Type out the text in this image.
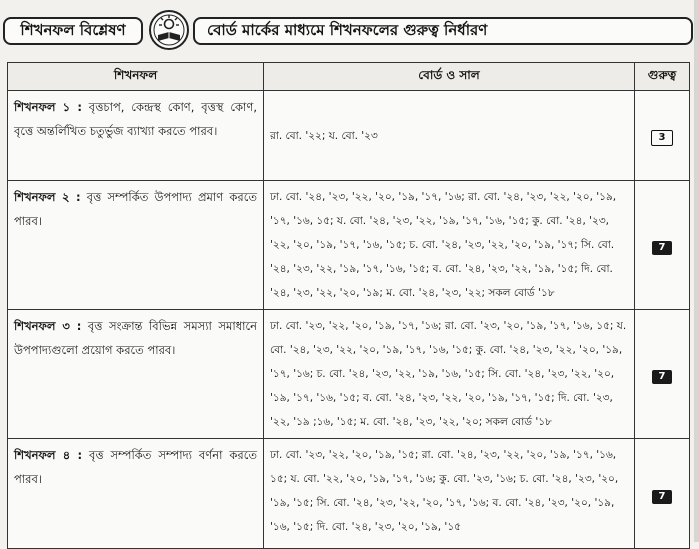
শিখনফল বিশ্লেষণ	বোর্ড মার্কের মাধ্যমে শিখনফলের গুরুত্ব নির্ধারণ
শিখনফল	বোর্ড ও সাল	গুরুত্ব
শিখনফল ১ : বৃত্তচাপ, কেন্দ্রস্থ কোণ, বৃত্তস্থ কোণ, বৃত্তে অন্তর্লিখিত চতুর্ভুজ ব্যাখ্যা করতে পারব।	রা. বো. '২২; য. বো. '২৩	3
শিখনফল ২ : বৃত্ত সম্পর্কিত উপপাদ্য প্রমাণ করতে পারব।	ঢা. বো. '২৪, '২৩, '২২, '২০, '১৯, '১৭, '১৬; রা. বো. '২৪, '২৩, '২২, '২০, '১৯, '১৭, '১৬, ১৫; য. বো. '২৪, '২৩, '২২, '১৯, '১৭, '১৬, '১৫; কু. বো. '২৪, '২৩, '২২, '২০, '১৯, '১৭, '১৬, '১৫; চ. বো. '২৪, '২৩, '২২, '২০, '১৯, '১৭; সি. বো. '২৪, '২৩, '২২, '১৯, '১৭, '১৬, '১৫; ব. বো. '২৪, '২৩, '২২, '১৯, '১৫; দি. বো. '২৪, '২৩, '২২, '২০, '১৯; ম. বো. '২৪, '২৩, '২২; সকল বোর্ড '১৮	7
শিখনফল ৩ : বৃত্ত সংক্রান্ত বিভিন্ন সমস্যা সমাধানে উপপাদ্যগুলো প্রয়োগ করতে পারব।	ঢা. বো. '২৩, '২২, '২০, '১৯, '১৭, '১৬; রা. বো. '২৩, '২০, '১৯, '১৭, '১৬, ১৫; য. বো. '২৪, '২৩, '২২, '২০, '১৯, '১৭, '১৬, '১৫; কু. বো. '২৪, '২৩, '২২, '২০, '১৯, '১৭, '১৬; চ. বো. '২৪, '২৩, '২২, '১৯, '১৬, '১৫; সি. বো. '২৪, '২৩, '২২, '২০, '১৯, '১৭, '১৬, '১৫; ব. বো. '২৪, '২৩, '২২, '২০, '১৯, '১৭, '১৫; দি. বো. '২৩, '২২, '১৯ ;১৬, '১৫; ম. বো. '২৪, '২৩, '২২, '২০; সকল বোর্ড '১৮	7
শিখনফল ৪ : বৃত্ত সম্পর্কিত সম্পাদ্য বর্ণনা করতে পারব।	ঢা. বো. '২৩, '২২, '২০, '১৯, '১৫; রা. বো. '২৪, '২৩, '২২, '২০, '১৯, '১৭, '১৬, ১৫; য. বো. '২২, '২০, '১৯, '১৭, '১৬; কু. বো. '২৩, '১৬; চ. বো. '২৪, '২৩, '২০, '১৯, '১৫; সি. বো. '২৪, '২৩, '২২, '২০, '১৭, '১৬; ব. বো. '২৪, '২৩, '২০, '১৯, '১৬, '১৫; দি. বো. '২৪, '২৩, '২০, '১৯, '১৫	7
